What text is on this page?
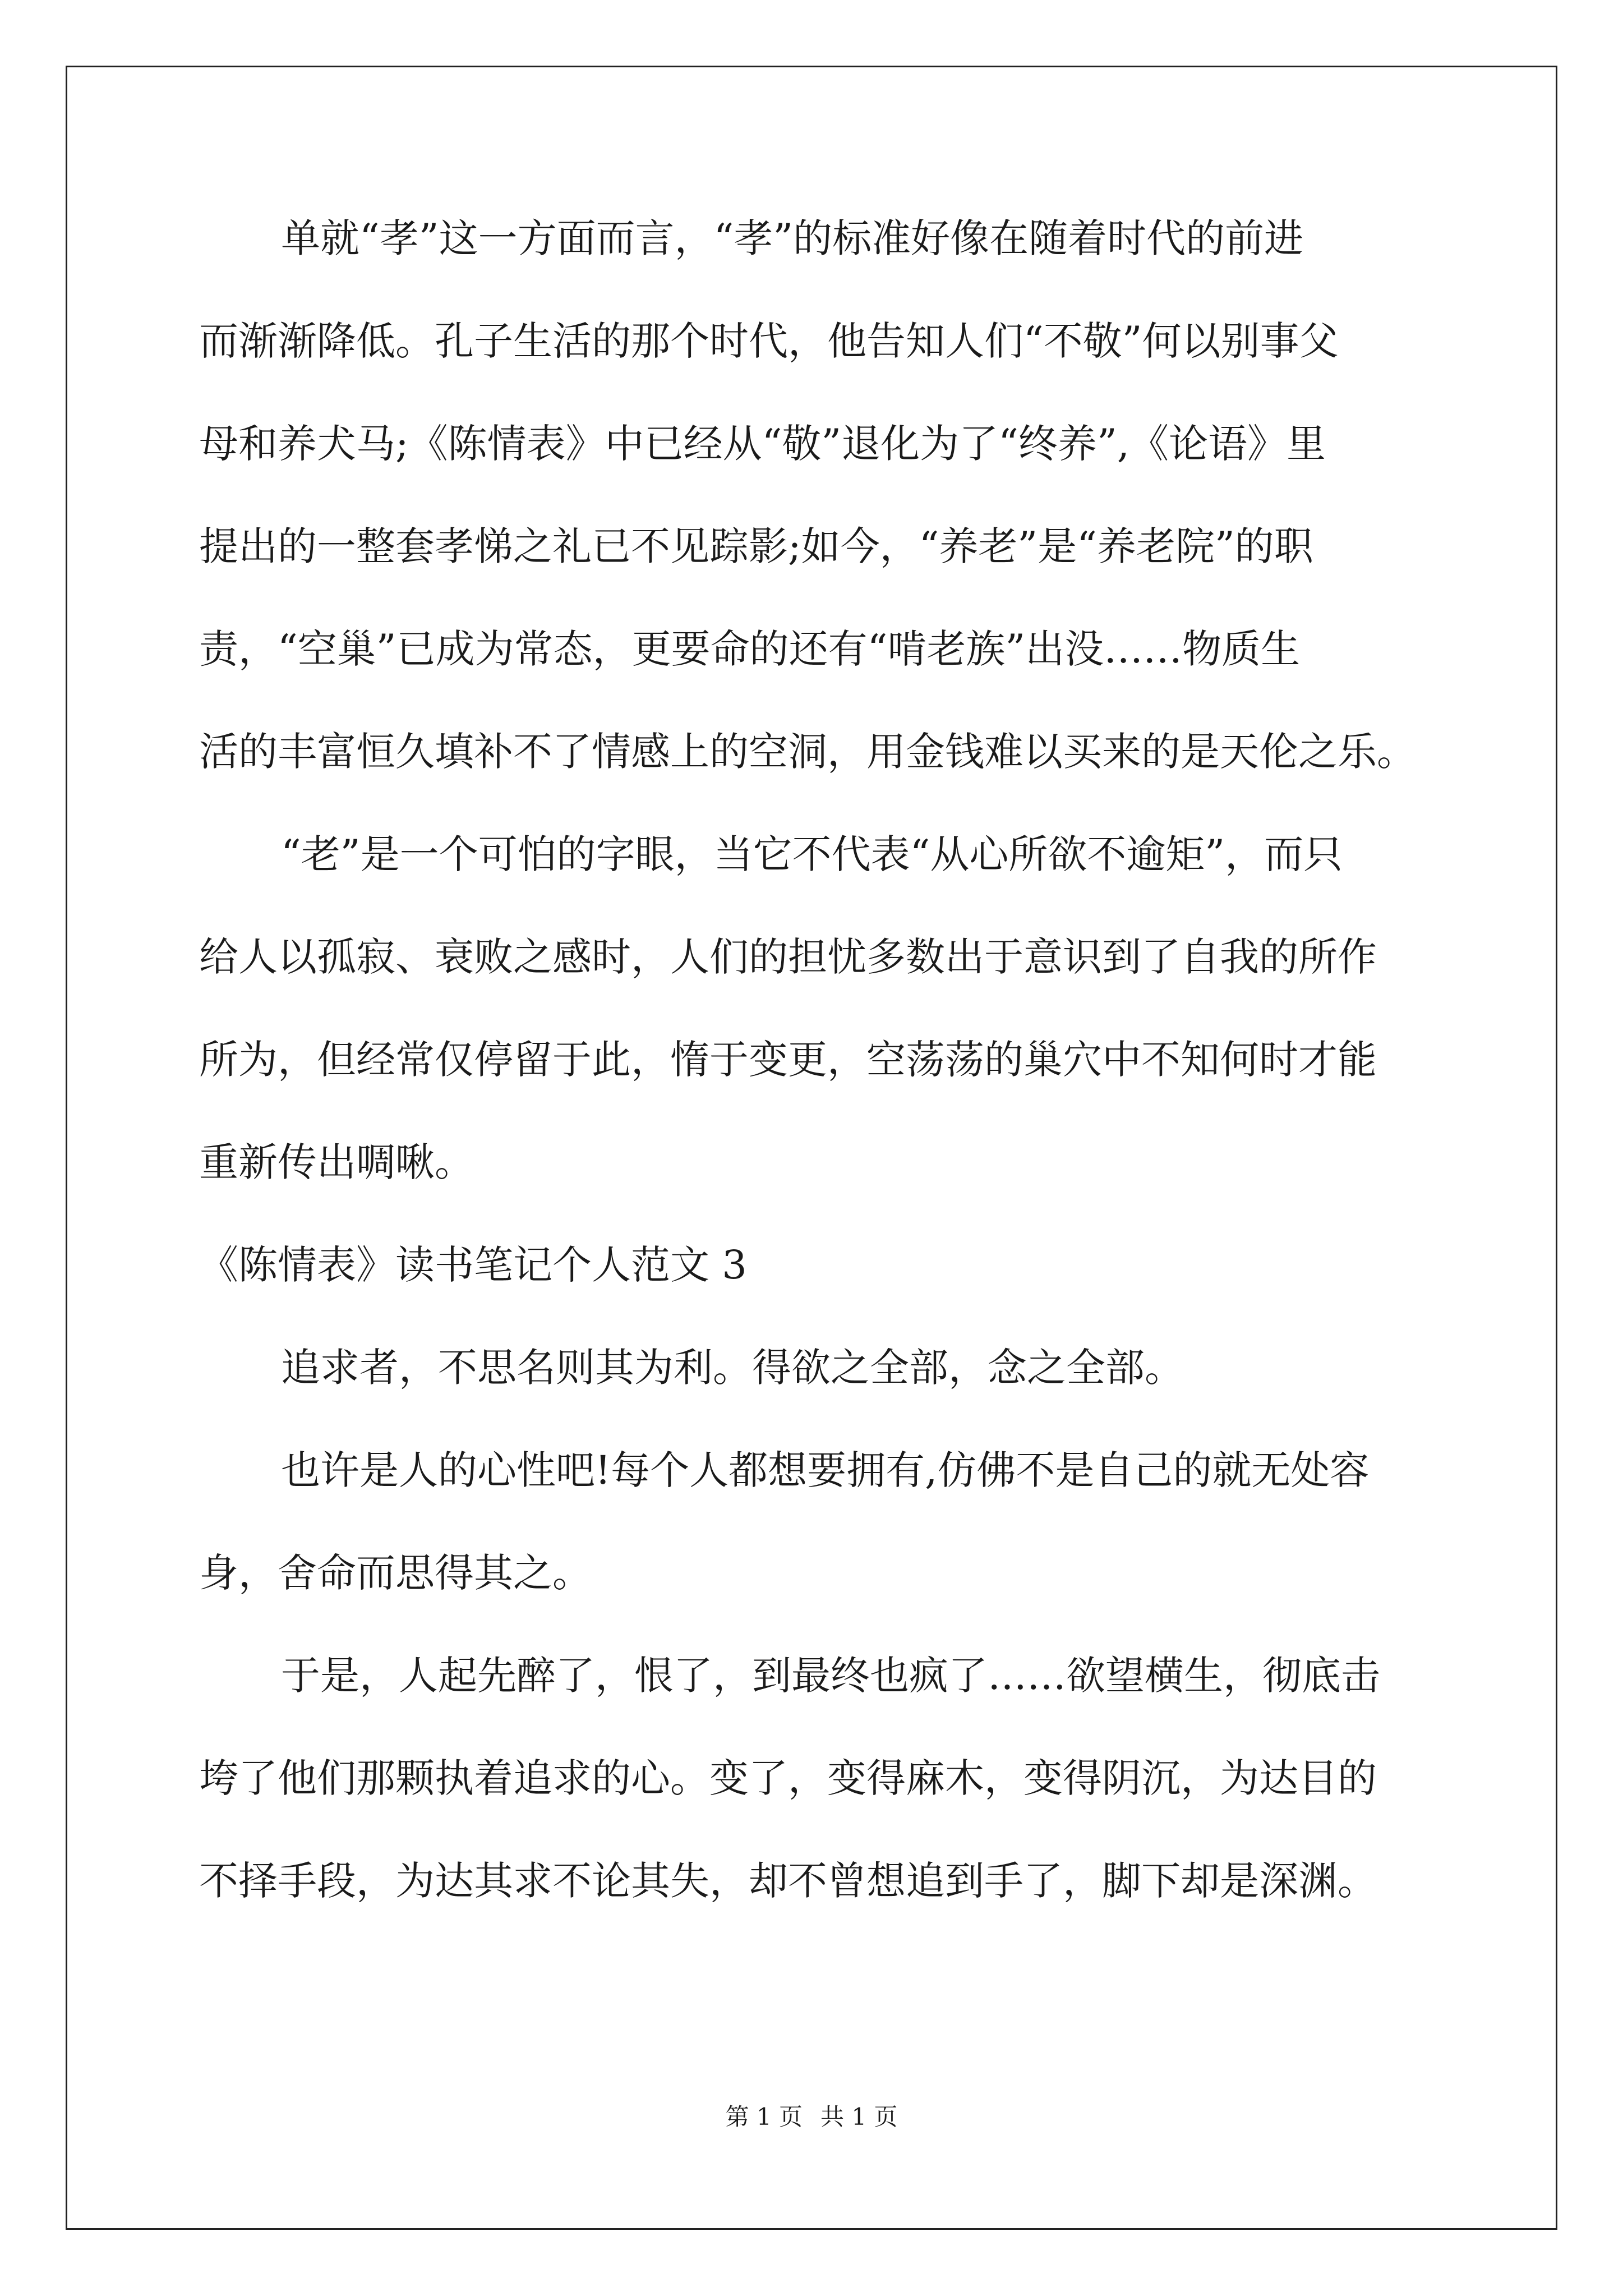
单就“孝”这一方面而言，“孝”的标准好像在随着时代的前进
而渐渐降低。孔子生活的那个时代，他告知人们“不敬”何以别事父
母和养犬马;《陈情表》中已经从“敬”退化为了“终养”,《论语》里
提出的一整套孝悌之礼已不见踪影;如今，“养老”是“养老院”的职
责，“空巢”已成为常态，更要命的还有“啃老族”出没……物质生
活的丰富恒久填补不了情感上的空洞，用金钱难以买来的是天伦之乐。
“老”是一个可怕的字眼，当它不代表“从心所欲不逾矩”，而只
给人以孤寂、衰败之感时，人们的担忧多数出于意识到了自我的所作
所为，但经常仅停留于此，惰于变更，空荡荡的巢穴中不知何时才能
重新传出啁啾。
《陈情表》读书笔记个人范文 3
追求者，不思名则其为利。得欲之全部，念之全部。
也许是人的心性吧!每个人都想要拥有,仿佛不是自己的就无处容
身，舍命而思得其之。
于是，人起先醉了，恨了，到最终也疯了……欲望横生，彻底击
垮了他们那颗执着追求的心。变了，变得麻木，变得阴沉，为达目的
不择手段，为达其求不论其失，却不曾想追到手了，脚下却是深渊。
第 1 页 共 1 页
